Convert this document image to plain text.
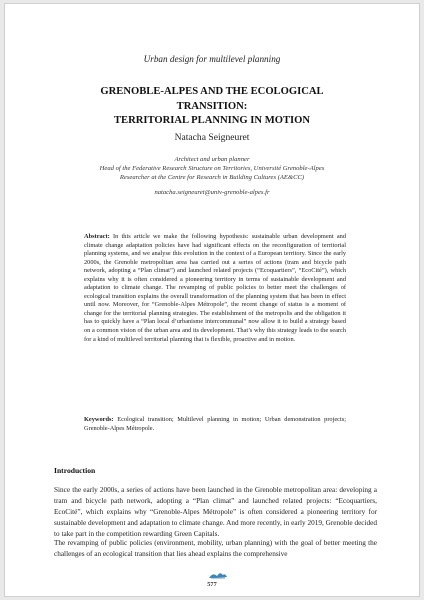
Urban design for multilevel planning
GRENOBLE-ALPES AND THE ECOLOGICAL
TRANSITION:
TERRITORIAL PLANNING IN MOTION
Natacha Seigneuret
Architect and urban planner
Head of the Federative Research Structure on Territories, Université Grenoble-Alpes
Researcher at the Centre for Research in Building Cultures (AE&CC)
natacha.seigneuret@univ-grenoble-alpes.fr
Abstract: In this article we make the following hypothesis: sustainable urban development and climate change adaptation policies have had significant effects on the reconfiguration of territorial planning systems, and we analyse this evolution in the context of a European territory. Since the early 2000s, the Grenoble metropolitan area has carried out a series of actions (tram and bicycle path network, adopting a “Plan climat”) and launched related projects (“Ecoquartiers”, “EcoCité”), which explains why it is often considered a pioneering territory in terms of sustainable development and adaptation to climate change. The revamping of public policies to better meet the challenges of ecological transition explains the overall transformation of the planning system that has been in effect until now. Moreover, for “Grenoble-Alpes Métropole”, the recent change of status is a moment of change for the territorial planning strategies. The establishment of the metropolis and the obligation it has to quickly have a “Plan local d’urbanisme intercommunal” now allow it to build a strategy based on a common vision of the urban area and its development. That’s why this strategy leads to the search for a kind of multilevel territorial planning that is flexible, proactive and in motion.
Keywords: Ecological transition; Multilevel planning in motion; Urban demonstration projects; Grenoble-Alpes Métropole.
Introduction
Since the early 2000s, a series of actions have been launched in the Grenoble metropolitan area: developing a tram and bicycle path network, adopting a “Plan climat” and launched related projects: “Ecoquartiers, EcoCité”, which explains why “Grenoble-Alpes Métropole” is often considered a pioneering territory for sustainable development and adaptation to climate change. And more recently, in early 2019, Grenoble decided to take part in the competition rewarding Green Capitals.
The revamping of public policies (environment, mobility, urban planning) with the goal of better meeting the challenges of an ecological transition that lies ahead explains the comprehensive
577
